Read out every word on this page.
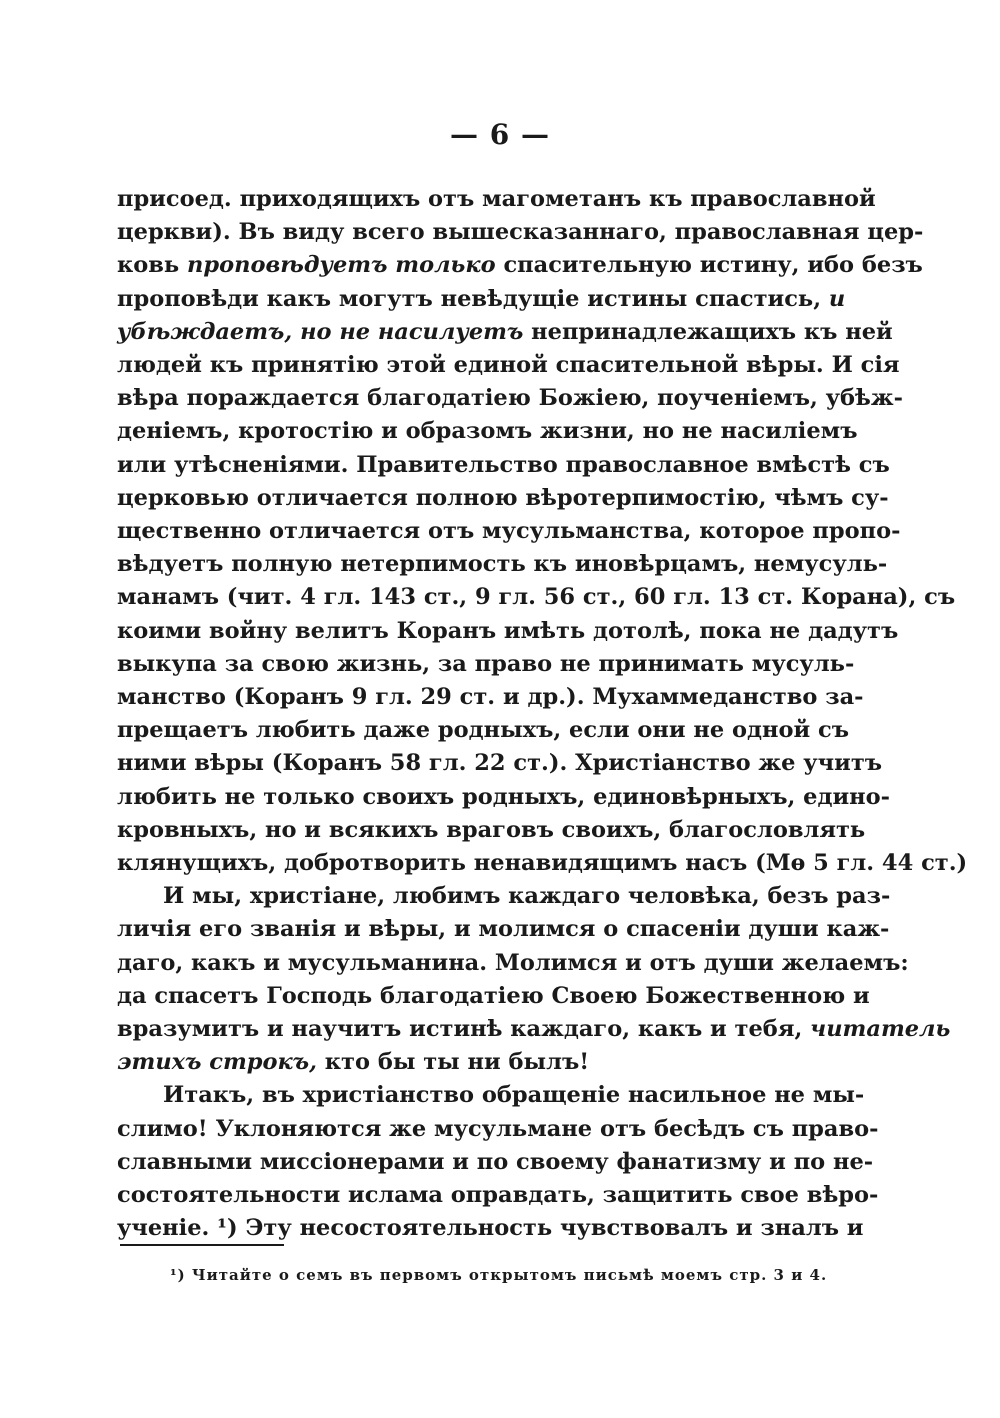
— 6 —
присоед. приходящихъ отъ магометанъ къ православной
церкви). Въ виду всего вышесказаннаго, православная цер-
ковь проповѣдуетъ только спасительную истину, ибо безъ
проповѣди какъ могутъ невѣдущіе истины спастись, и
убѣждаетъ, но не насилуетъ непринадлежащихъ къ ней
людей къ принятію этой единой спасительной вѣры. И сія
вѣра пораждается благодатіею Божіею, поученіемъ, убѣж-
деніемъ, кротостію и образомъ жизни, но не насиліемъ
или утѣсненіями. Правительство православное вмѣстѣ съ
церковью отличается полною вѣротерпимостію, чѣмъ су-
щественно отличается отъ мусульманства, которое пропо-
вѣдуетъ полную нетерпимость къ иновѣрцамъ, немусуль-
манамъ (чит. 4 гл. 143 ст., 9 гл. 56 ст., 60 гл. 13 ст. Корана), съ
коими войну велитъ Коранъ имѣть дотолѣ, пока не дадутъ
выкупа за свою жизнь, за право не принимать мусуль-
манство (Коранъ 9 гл. 29 ст. и др.). Мухаммеданство за-
прещаетъ любить даже родныхъ, если они не одной съ
ними вѣры (Коранъ 58 гл. 22 ст.). Христіанство же учитъ
любить не только своихъ родныхъ, единовѣрныхъ, едино-
кровныхъ, но и всякихъ враговъ своихъ, благословлять
клянущихъ, добротворить ненавидящимъ насъ (Мѳ 5 гл. 44 ст.)
И мы, христіане, любимъ каждаго человѣка, безъ раз-
личія его званія и вѣры, и молимся о спасеніи души каж-
даго, какъ и мусульманина. Молимся и отъ души желаемъ:
да спасетъ Господь благодатіею Своею Божественною и
вразумитъ и научитъ истинѣ каждаго, какъ и тебя, читатель
этихъ строкъ, кто бы ты ни былъ!
Итакъ, въ христіанство обращеніе насильное не мы-
слимо! Уклоняются же мусульмане отъ бесѣдъ съ право-
славными миссіонерами и по своему фанатизму и по не-
состоятельности ислама оправдать, защитить свое вѣро-
ученіе. ¹) Эту несостоятельность чувствовалъ и зналъ и
¹) Читайте о семъ въ первомъ открытомъ письмѣ моемъ стр. 3 и 4.
